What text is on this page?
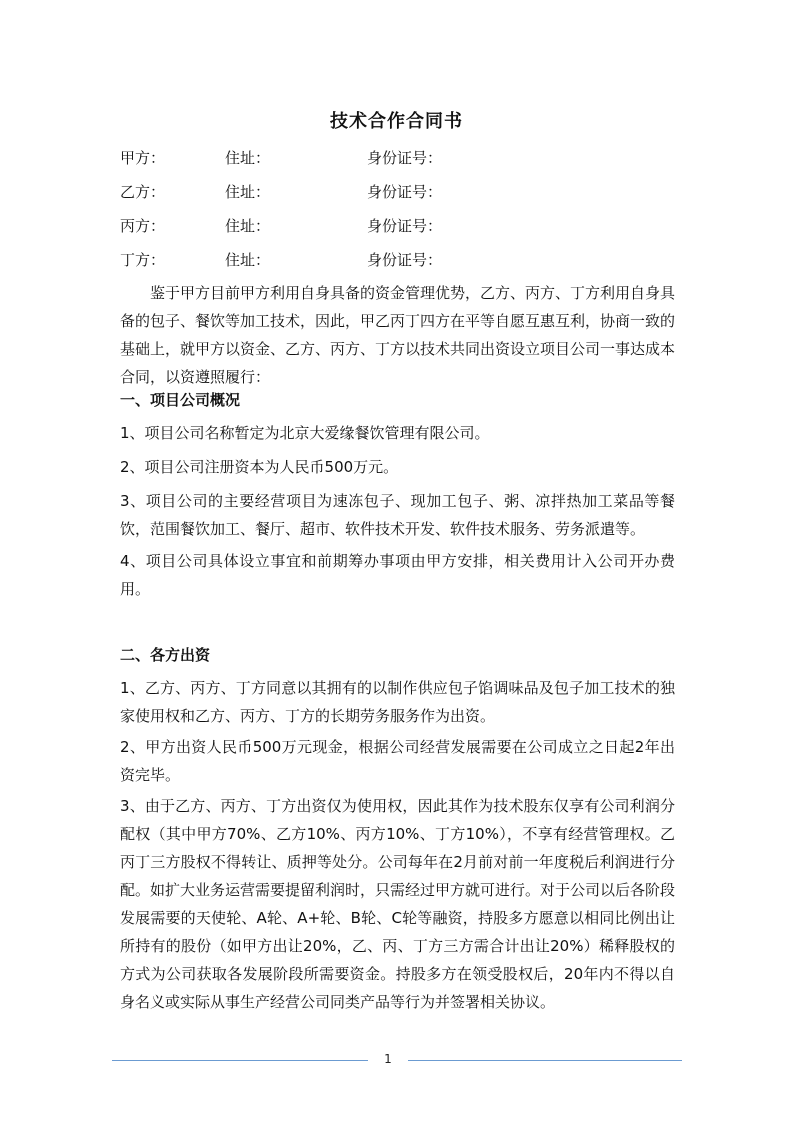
技术合作合同书
甲方：	住址：	身份证号：
乙方：	住址：	身份证号：
丙方：	住址：	身份证号：
丁方：	住址：	身份证号：

鉴于甲方目前甲方利用自身具备的资金管理优势，乙方、丙方、丁方利用自身具备的包子、餐饮等加工技术，因此，甲乙丙丁四方在平等自愿互惠互利，协商一致的基础上，就甲方以资金、乙方、丙方、丁方以技术共同出资设立项目公司一事达成本合同，以资遵照履行：

一、项目公司概况

1、项目公司名称暂定为北京大爱缘餐饮管理有限公司。

2、项目公司注册资本为人民币500万元。

3、项目公司的主要经营项目为速冻包子、现加工包子、粥、凉拌热加工菜品等餐饮，范围餐饮加工、餐厅、超市、软件技术开发、软件技术服务、劳务派遣等。

4、项目公司具体设立事宜和前期筹办事项由甲方安排，相关费用计入公司开办费用。

二、各方出资

1、乙方、丙方、丁方同意以其拥有的以制作供应包子馅调味品及包子加工技术的独家使用权和乙方、丙方、丁方的长期劳务服务作为出资。

2、甲方出资人民币500万元现金，根据公司经营发展需要在公司成立之日起2年出资完毕。

3、由于乙方、丙方、丁方出资仅为使用权，因此其作为技术股东仅享有公司利润分配权（其中甲方70%、乙方10%、丙方10%、丁方10%），不享有经营管理权。乙丙丁三方股权不得转让、质押等处分。公司每年在2月前对前一年度税后利润进行分配。如扩大业务运营需要提留利润时，只需经过甲方就可进行。对于公司以后各阶段发展需要的天使轮、A轮、A+轮、B轮、C轮等融资，持股多方愿意以相同比例出让所持有的股份（如甲方出让20%，乙、丙、丁方三方需合计出让20%）稀释股权的方式为公司获取各发展阶段所需要资金。持股多方在领受股权后，20年内不得以自身名义或实际从事生产经营公司同类产品等行为并签署相关协议。

1
